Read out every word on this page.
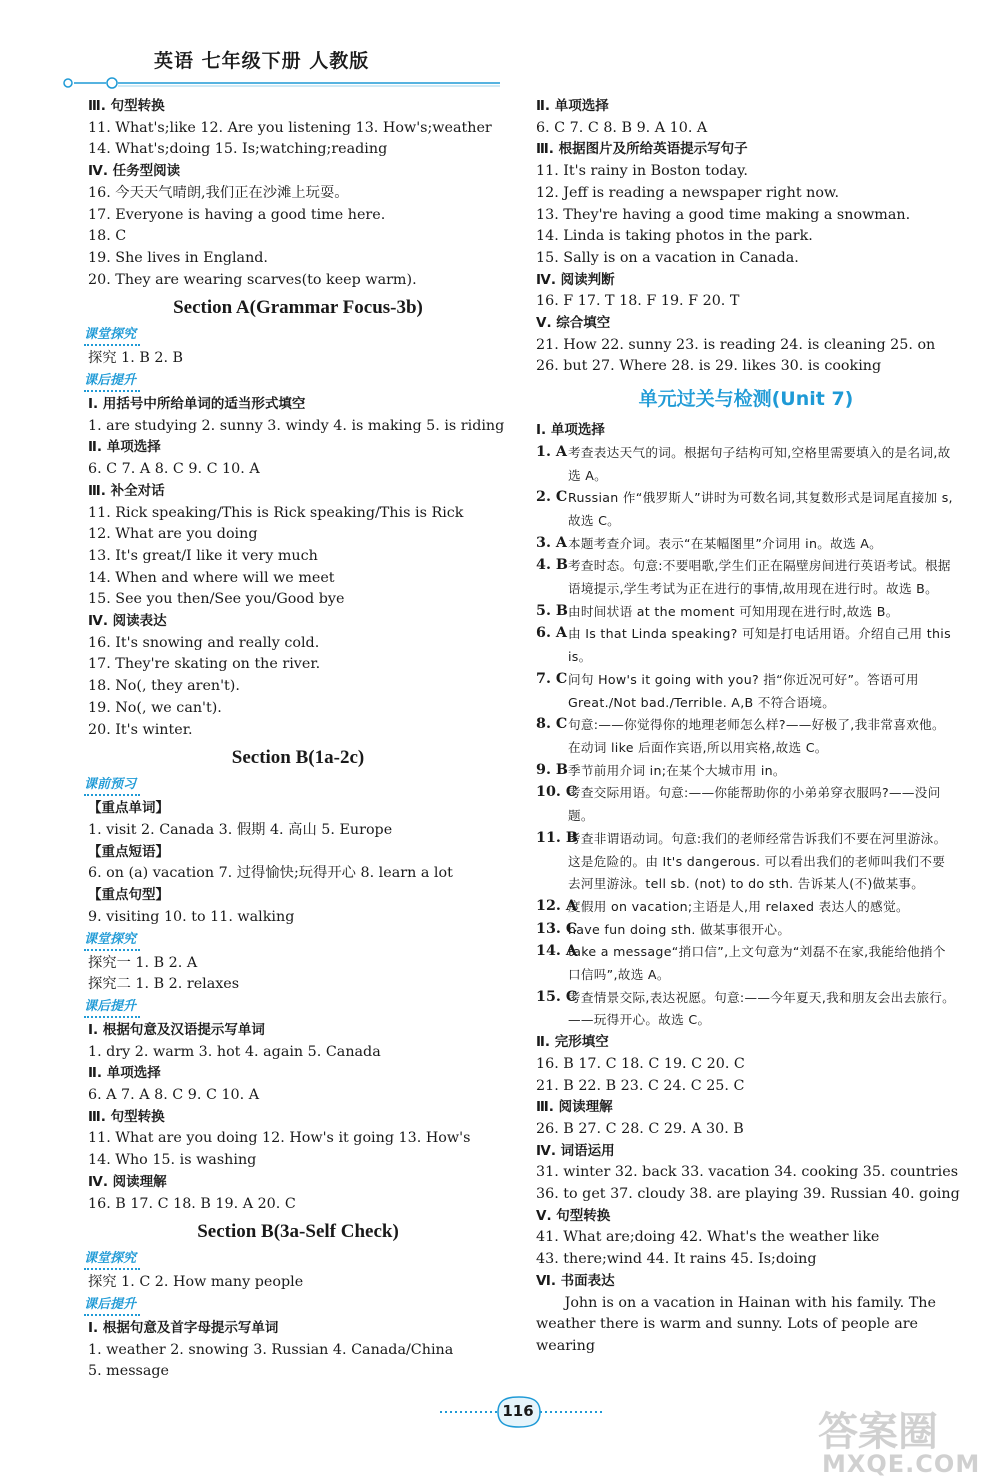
英语 七年级下册 人教版
Ⅲ. 句型转换
11. What's;like 12. Are you listening 13. How's;weather
14. What's;doing 15. Is;watching;reading
Ⅳ. 任务型阅读
16. 今天天气晴朗,我们正在沙滩上玩耍。
17. Everyone is having a good time here.
18. C
19. She lives in England.
20. They are wearing scarves(to keep warm).
Section A(Grammar Focus-3b)
课堂探究
探究 1. B 2. B
课后提升
Ⅰ. 用括号中所给单词的适当形式填空
1. are studying 2. sunny 3. windy 4. is making 5. is riding
Ⅱ. 单项选择
6. C 7. A 8. C 9. C 10. A
Ⅲ. 补全对话
11. Rick speaking/This is Rick speaking/This is Rick
12. What are you doing
13. It's great/I like it very much
14. When and where will we meet
15. See you then/See you/Good bye
Ⅳ. 阅读表达
16. It's snowing and really cold.
17. They're skating on the river.
18. No(, they aren't).
19. No(, we can't).
20. It's winter.
Section B(1a-2c)
课前预习
【重点单词】
1. visit 2. Canada 3. 假期 4. 高山 5. Europe
【重点短语】
6. on (a) vacation 7. 过得愉快;玩得开心 8. learn a lot
【重点句型】
9. visiting 10. to 11. walking
课堂探究
探究一 1. B 2. A
探究二 1. B 2. relaxes
课后提升
Ⅰ. 根据句意及汉语提示写单词
1. dry 2. warm 3. hot 4. again 5. Canada
Ⅱ. 单项选择
6. A 7. A 8. C 9. C 10. A
Ⅲ. 句型转换
11. What are you doing 12. How's it going 13. How's
14. Who 15. is washing
Ⅳ. 阅读理解
16. B 17. C 18. B 19. A 20. C
Section B(3a-Self Check)
课堂探究
探究 1. C 2. How many people
课后提升
Ⅰ. 根据句意及首字母提示写单词
1. weather 2. snowing 3. Russian 4. Canada/China
5. message
Ⅱ. 单项选择
6. C 7. C 8. B 9. A 10. A
Ⅲ. 根据图片及所给英语提示写句子
11. It's rainy in Boston today.
12. Jeff is reading a newspaper right now.
13. They're having a good time making a snowman.
14. Linda is taking photos in the park.
15. Sally is on a vacation in Canada.
Ⅳ. 阅读判断
16. F 17. T 18. F 19. F 20. T
Ⅴ. 综合填空
21. How 22. sunny 23. is reading 24. is cleaning 25. on
26. but 27. Where 28. is 29. likes 30. is cooking
单元过关与检测(Unit 7)
Ⅰ. 单项选择
1. A 考查表达天气的词。根据句子结构可知,空格里需要填入的是名词,故选 A。
2. C Russian 作“俄罗斯人”讲时为可数名词,其复数形式是词尾直接加 s,故选 C。
3. A 本题考查介词。表示“在某幅图里”介词用 in。故选 A。
4. B 考查时态。句意:不要唱歌,学生们正在隔壁房间进行英语考试。根据语境提示,学生考试为正在进行的事情,故用现在进行时。故选 B。
5. B 由时间状语 at the moment 可知用现在进行时,故选 B。
6. A 由 Is that Linda speaking? 可知是打电话用语。介绍自己用 this is。
7. C 问句 How's it going with you? 指“你近况可好”。答语可用 Great./Not bad./Terrible. A,B 不符合语境。
8. C 句意:——你觉得你的地理老师怎么样?——好极了,我非常喜欢他。在动词 like 后面作宾语,所以用宾格,故选 C。
9. B 季节前用介词 in;在某个大城市用 in。
10. C
考查交际用语。句意:——你能帮助你的小弟弟穿衣服吗?——没问题。
11. B
考查非谓语动词。句意:我们的老师经常告诉我们不要在河里游泳。这是危险的。由 It's dangerous. 可以看出我们的老师叫我们不要去河里游泳。tell sb. (not) to do sth. 告诉某人(不)做某事。
12. A
度假用 on vacation;主语是人,用 relaxed 表达人的感觉。
13. C
have fun doing sth. 做某事很开心。
14. A
take a message“捎口信”,上文句意为“刘磊不在家,我能给他捎个口信吗”,故选 A。
15. C
考查情景交际,表达祝愿。句意:——今年夏天,我和朋友会出去旅行。——玩得开心。故选 C。
Ⅱ. 完形填空
16. B 17. C 18. C 19. C 20. C
21. B 22. B 23. C 24. C 25. C
Ⅲ. 阅读理解
26. B 27. C 28. C 29. A 30. B
Ⅳ. 词语运用
31. winter 32. back 33. vacation 34. cooking 35. countries
36. to get 37. cloudy 38. are playing 39. Russian 40. going
Ⅴ. 句型转换
41. What are;doing 42. What's the weather like
43. there;wind 44. It rains 45. Is;doing
Ⅵ. 书面表达
John is on a vacation in Hainan with his family. The weather there is warm and sunny. Lots of people are wearing
116	答案圈
MXQE.COM
